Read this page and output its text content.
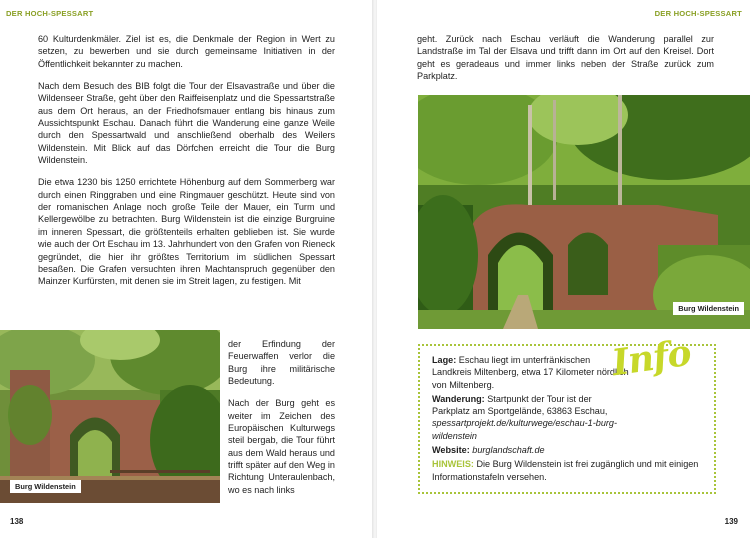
DER HOCH-SPESSART

60 Kulturdenkmäler. Ziel ist es, die Denkmale der Region in Wert zu setzen, zu bewerben und sie durch gemeinsame Initiativen in der Öffentlichkeit bekannter zu machen.

Nach dem Besuch des BIB folgt die Tour der Elsavastraße und über die Wildenseer Straße, geht über den Raiffeisenplatz und die Spessartstraße aus dem Ort heraus, an der Friedhofsmauer entlang bis hinaus zum Aussichtspunkt Eschau. Danach führt die Wanderung eine ganze Weile durch den Spessartwald und anschließend oberhalb des Weilers Wildenstein. Mit Blick auf das Dörfchen erreicht die Tour die Burg Wildenstein.

Die etwa 1230 bis 1250 errichtete Höhenburg auf dem Sommerberg war durch einen Ringgraben und eine Ringmauer geschützt. Heute sind von der romanischen Anlage noch große Teile der Mauer, ein Turm und Kellergewölbe zu betrachten. Burg Wildenstein ist die einzige Burgruine im inneren Spessart, die größtenteils erhalten geblieben ist. Sie wurde wie auch der Ort Eschau im 13. Jahrhundert von den Grafen von Rieneck gegründet, die hier ihr größtes Territorium im südlichen Spessart besaßen. Die Grafen versuchten ihren Machtanspruch gegenüber den Mainzer Kurfürsten, mit denen sie im Streit lagen, zu festigen. Mit

der Erfindung der Feuerwaffen verlor die Burg ihre militärische Bedeutung.

Nach der Burg geht es weiter im Zeichen des Europäischen Kulturwegs steil bergab, die Tour führt aus dem Wald heraus und trifft später auf den Weg in Richtung Unteraulenbach, wo es nach links

Burg Wildenstein
138
DER HOCH-SPESSART

geht. Zurück nach Eschau verläuft die Wanderung parallel zur Landstraße im Tal der Elsava und trifft dann im Ort auf den Kreisel. Dort geht es geradeaus und immer links neben der Straße zurück zum Parkplatz.

Burg Wildenstein
Info
Lage: Eschau liegt im unterfränkischen Landkreis Miltenberg, etwa 17 Kilometer nördlich von Miltenberg.
Wanderung: Startpunkt der Tour ist der Parkplatz am Sportgelände, 63863 Eschau, spessartprojekt.de/kulturwege/eschau-1-burg-wildenstein
Website: burglandschaft.de
HINWEIS: Die Burg Wildenstein ist frei zugänglich und mit einigen Informationstafeln versehen.
139
